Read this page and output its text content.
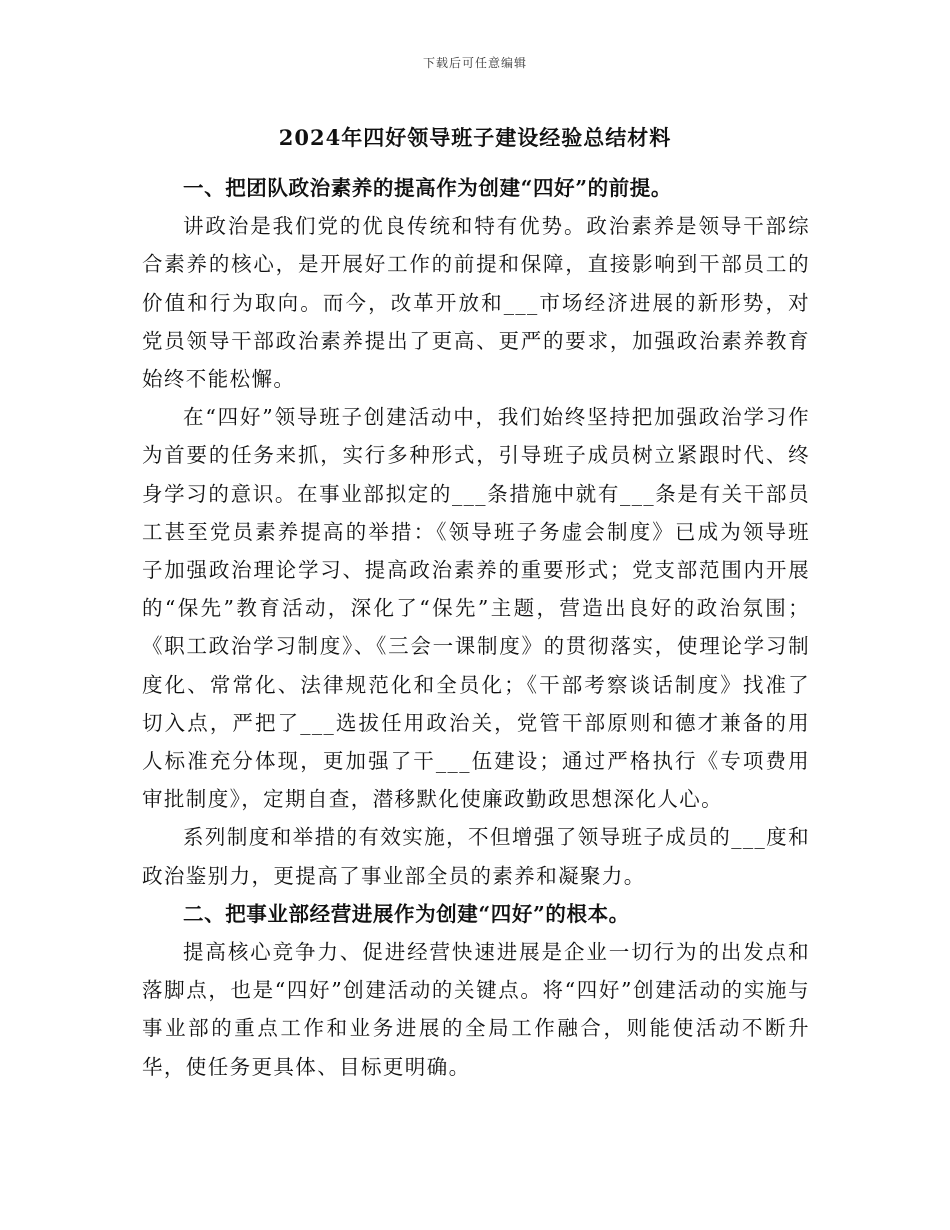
下载后可任意编辑
2024年四好领导班子建设经验总结材料

一、把团队政治素养的提高作为创建“四好”的前提。

讲政治是我们党的优良传统和特有优势。政治素养是领导干部综合素养的核心，是开展好工作的前提和保障，直接影响到干部员工的价值和行为取向。而今，改革开放和___市场经济进展的新形势，对党员领导干部政治素养提出了更高、更严的要求，加强政治素养教育始终不能松懈。

在“四好”领导班子创建活动中，我们始终坚持把加强政治学习作为首要的任务来抓，实行多种形式，引导班子成员树立紧跟时代、终身学习的意识。在事业部拟定的___条措施中就有___条是有关干部员工甚至党员素养提高的举措：《领导班子务虚会制度》已成为领导班子加强政治理论学习、提高政治素养的重要形式；党支部范围内开展的“保先”教育活动，深化了“保先”主题，营造出良好的政治氛围；《职工政治学习制度》、《三会一课制度》的贯彻落实，使理论学习制度化、常常化、法律规范化和全员化；《干部考察谈话制度》找准了切入点，严把了___选拔任用政治关，党管干部原则和德才兼备的用人标准充分体现，更加强了干___伍建设；通过严格执行《专项费用审批制度》，定期自查，潜移默化使廉政勤政思想深化人心。

系列制度和举措的有效实施，不但增强了领导班子成员的___度和政治鉴别力，更提高了事业部全员的素养和凝聚力。

二、把事业部经营进展作为创建“四好”的根本。

提高核心竞争力、促进经营快速进展是企业一切行为的出发点和落脚点，也是“四好”创建活动的关键点。将“四好”创建活动的实施与事业部的重点工作和业务进展的全局工作融合，则能使活动不断升华，使任务更具体、目标更明确。
